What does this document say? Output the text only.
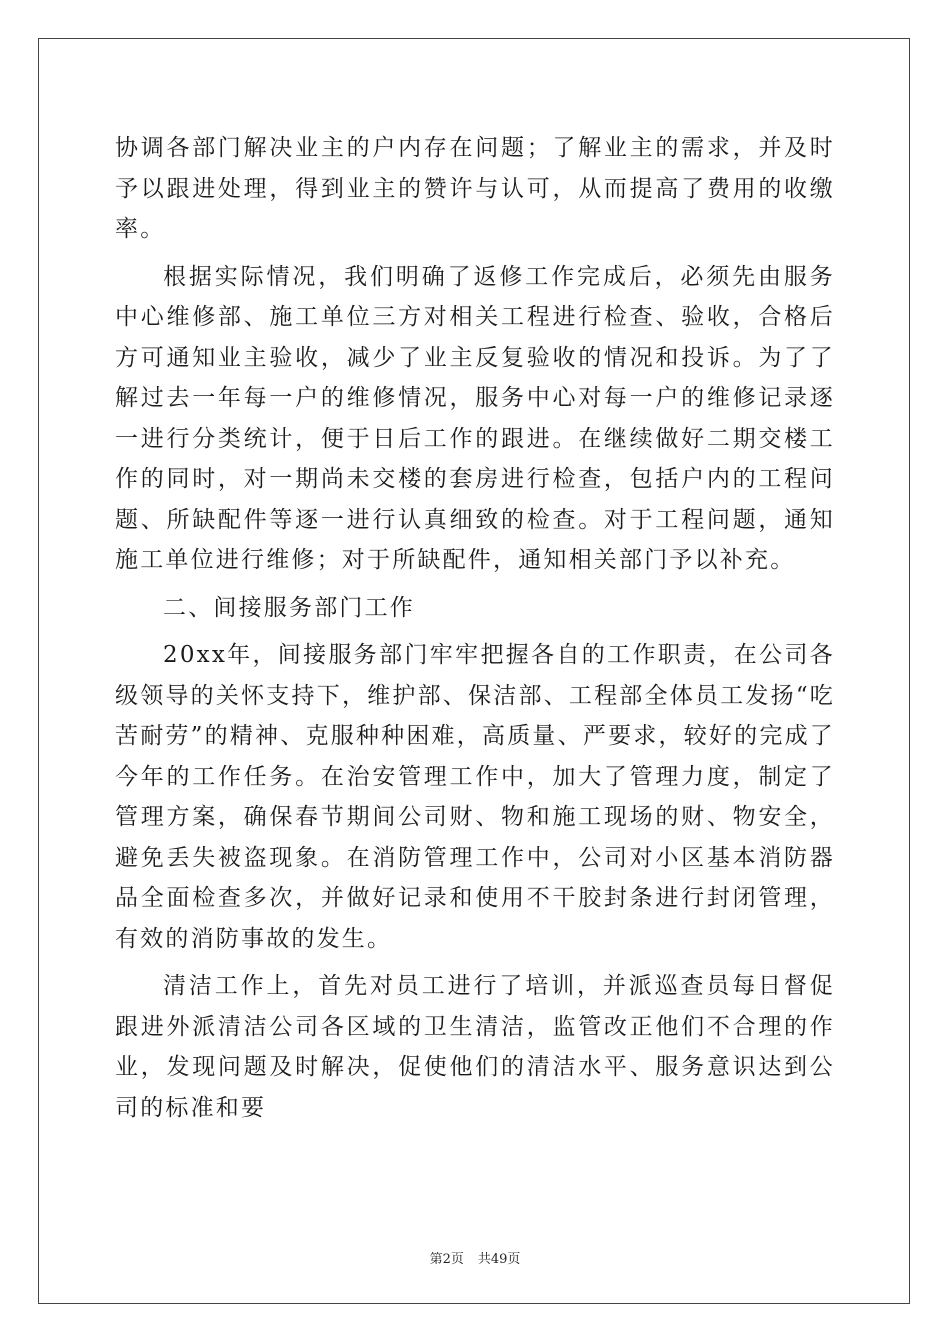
协调各部门解决业主的户内存在问题；了解业主的需求，并及时予以跟进处理，得到业主的赞许与认可，从而提高了费用的收缴率。

根据实际情况，我们明确了返修工作完成后，必须先由服务中心维修部、施工单位三方对相关工程进行检查、验收，合格后方可通知业主验收，减少了业主反复验收的情况和投诉。为了了解过去一年每一户的维修情况，服务中心对每一户的维修记录逐一进行分类统计，便于日后工作的跟进。在继续做好二期交楼工作的同时，对一期尚未交楼的套房进行检查，包括户内的工程问题、所缺配件等逐一进行认真细致的检查。对于工程问题，通知施工单位进行维修；对于所缺配件，通知相关部门予以补充。

二、间接服务部门工作

20xx年，间接服务部门牢牢把握各自的工作职责，在公司各级领导的关怀支持下，维护部、保洁部、工程部全体员工发扬“吃苦耐劳”的精神、克服种种困难，高质量、严要求，较好的完成了今年的工作任务。在治安管理工作中，加大了管理力度，制定了管理方案，确保春节期间公司财、物和施工现场的财、物安全，避免丢失被盗现象。在消防管理工作中，公司对小区基本消防器品全面检查多次，并做好记录和使用不干胶封条进行封闭管理，有效的消防事故的发生。

清洁工作上，首先对员工进行了培训，并派巡查员每日督促跟进外派清洁公司各区域的卫生清洁，监管改正他们不合理的作业，发现问题及时解决，促使他们的清洁水平、服务意识达到公司的标准和要

第2页 共49页
